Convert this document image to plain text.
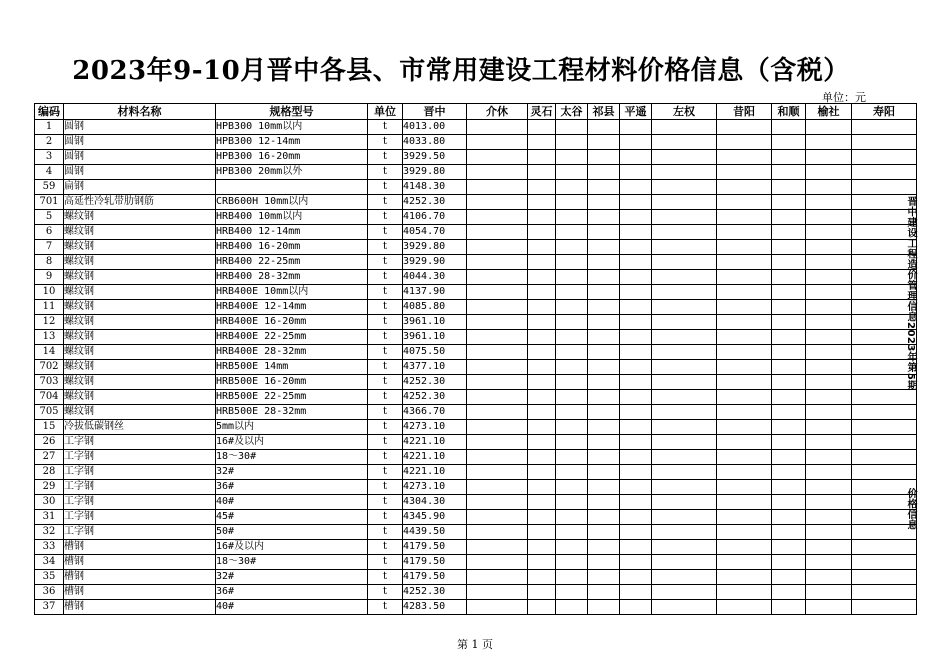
2023年9-10月晋中各县、市常用建设工程材料价格信息（含税）
单位：元
编码	材料名称	规格型号	单位	晋中	介休	灵石	太谷	祁县	平遥	左权	昔阳	和顺	榆社	寿阳
1	圆钢	HPB300 10mm以内	t	4013.00										
2	圆钢	HPB300 12-14mm	t	4033.80										
3	圆钢	HPB300 16-20mm	t	3929.50										
4	圆钢	HPB300 20mm以外	t	3929.80										
59	扁钢		t	4148.30										
701	高延性冷轧带肋钢筋	CRB600H 10mm以内	t	4252.30										
5	螺纹钢	HRB400 10mm以内	t	4106.70										
6	螺纹钢	HRB400 12-14mm	t	4054.70										
7	螺纹钢	HRB400 16-20mm	t	3929.80										
8	螺纹钢	HRB400 22-25mm	t	3929.90										
9	螺纹钢	HRB400 28-32mm	t	4044.30										
10	螺纹钢	HRB400E 10mm以内	t	4137.90										
11	螺纹钢	HRB400E 12-14mm	t	4085.80										
12	螺纹钢	HRB400E 16-20mm	t	3961.10										
13	螺纹钢	HRB400E 22-25mm	t	3961.10										
14	螺纹钢	HRB400E 28-32mm	t	4075.50										
702	螺纹钢	HRB500E 14mm	t	4377.10										
703	螺纹钢	HRB500E 16-20mm	t	4252.30										
704	螺纹钢	HRB500E 22-25mm	t	4252.30										
705	螺纹钢	HRB500E 28-32mm	t	4366.70										
15	冷拔低碳钢丝	5mm以内	t	4273.10										
26	工字钢	16#及以内	t	4221.10										
27	工字钢	18～30#	t	4221.10										
28	工字钢	32#	t	4221.10										
29	工字钢	36#	t	4273.10										
30	工字钢	40#	t	4304.30										
31	工字钢	45#	t	4345.90										
32	工字钢	50#	t	4439.50										
33	槽钢	16#及以内	t	4179.50										
34	槽钢	18～30#	t	4179.50										
35	槽钢	32#	t	4179.50										
36	槽钢	36#	t	4252.30										
37	槽钢	40#	t	4283.50										
晋中建设工程造价管理信息2023年第5期
价格信息
第 1 页
